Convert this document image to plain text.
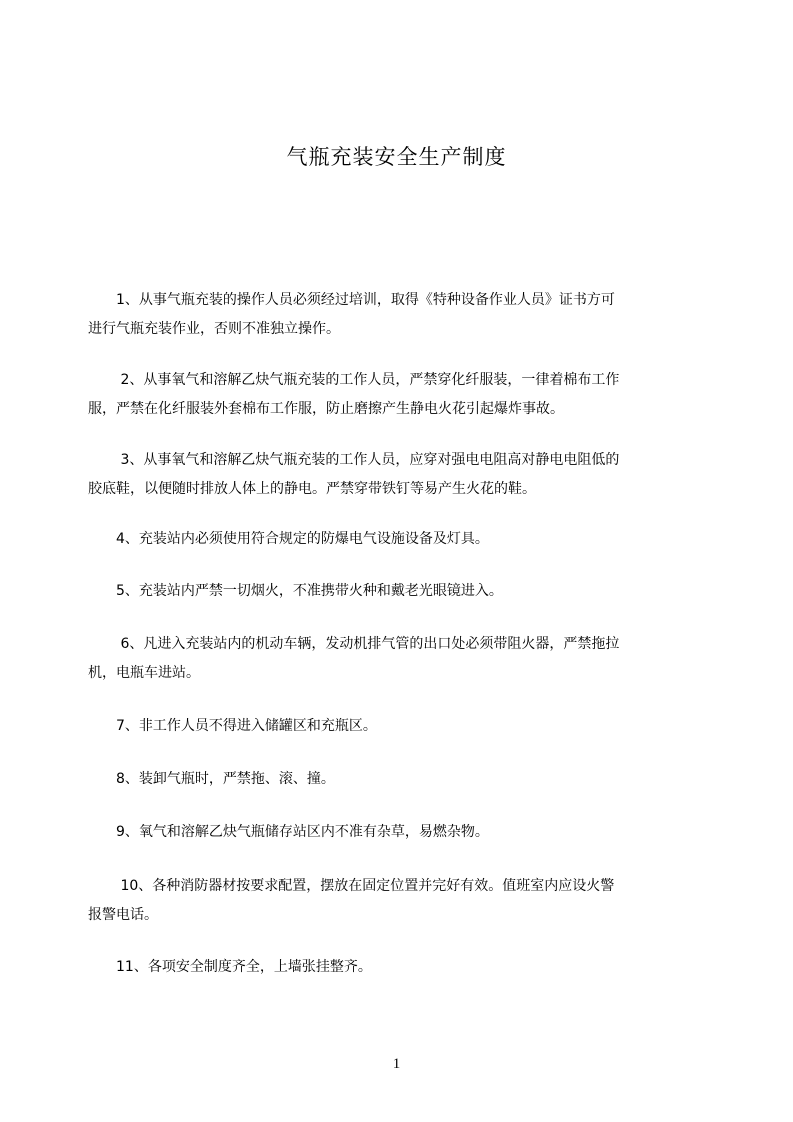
气瓶充装安全生产制度
　　1、从事气瓶充装的操作人员必须经过培训，取得《特种设备作业人员》证书方可
进行气瓶充装作业，否则不准独立操作。
　　 2、从事氧气和溶解乙炔气瓶充装的工作人员，严禁穿化纤服装，一律着棉布工作
服，严禁在化纤服装外套棉布工作服，防止磨擦产生静电火花引起爆炸事故。
　　 3、从事氧气和溶解乙炔气瓶充装的工作人员，应穿对强电电阻高对静电电阻低的
胶底鞋，以便随时排放人体上的静电。严禁穿带铁钉等易产生火花的鞋。
　　4、充装站内必须使用符合规定的防爆电气设施设备及灯具。
　　5、充装站内严禁一切烟火，不准携带火种和戴老光眼镜进入。
　　 6、凡进入充装站内的机动车辆，发动机排气管的出口处必须带阻火器，严禁拖拉
机，电瓶车进站。
　　7、非工作人员不得进入储罐区和充瓶区。
　　8、装卸气瓶时，严禁拖、滚、撞。
　　9、氧气和溶解乙炔气瓶储存站区内不准有杂草，易燃杂物。
　　 10、各种消防器材按要求配置，摆放在固定位置并完好有效。值班室内应设火警
报警电话。
　　11、各项安全制度齐全，上墙张挂整齐。
1
